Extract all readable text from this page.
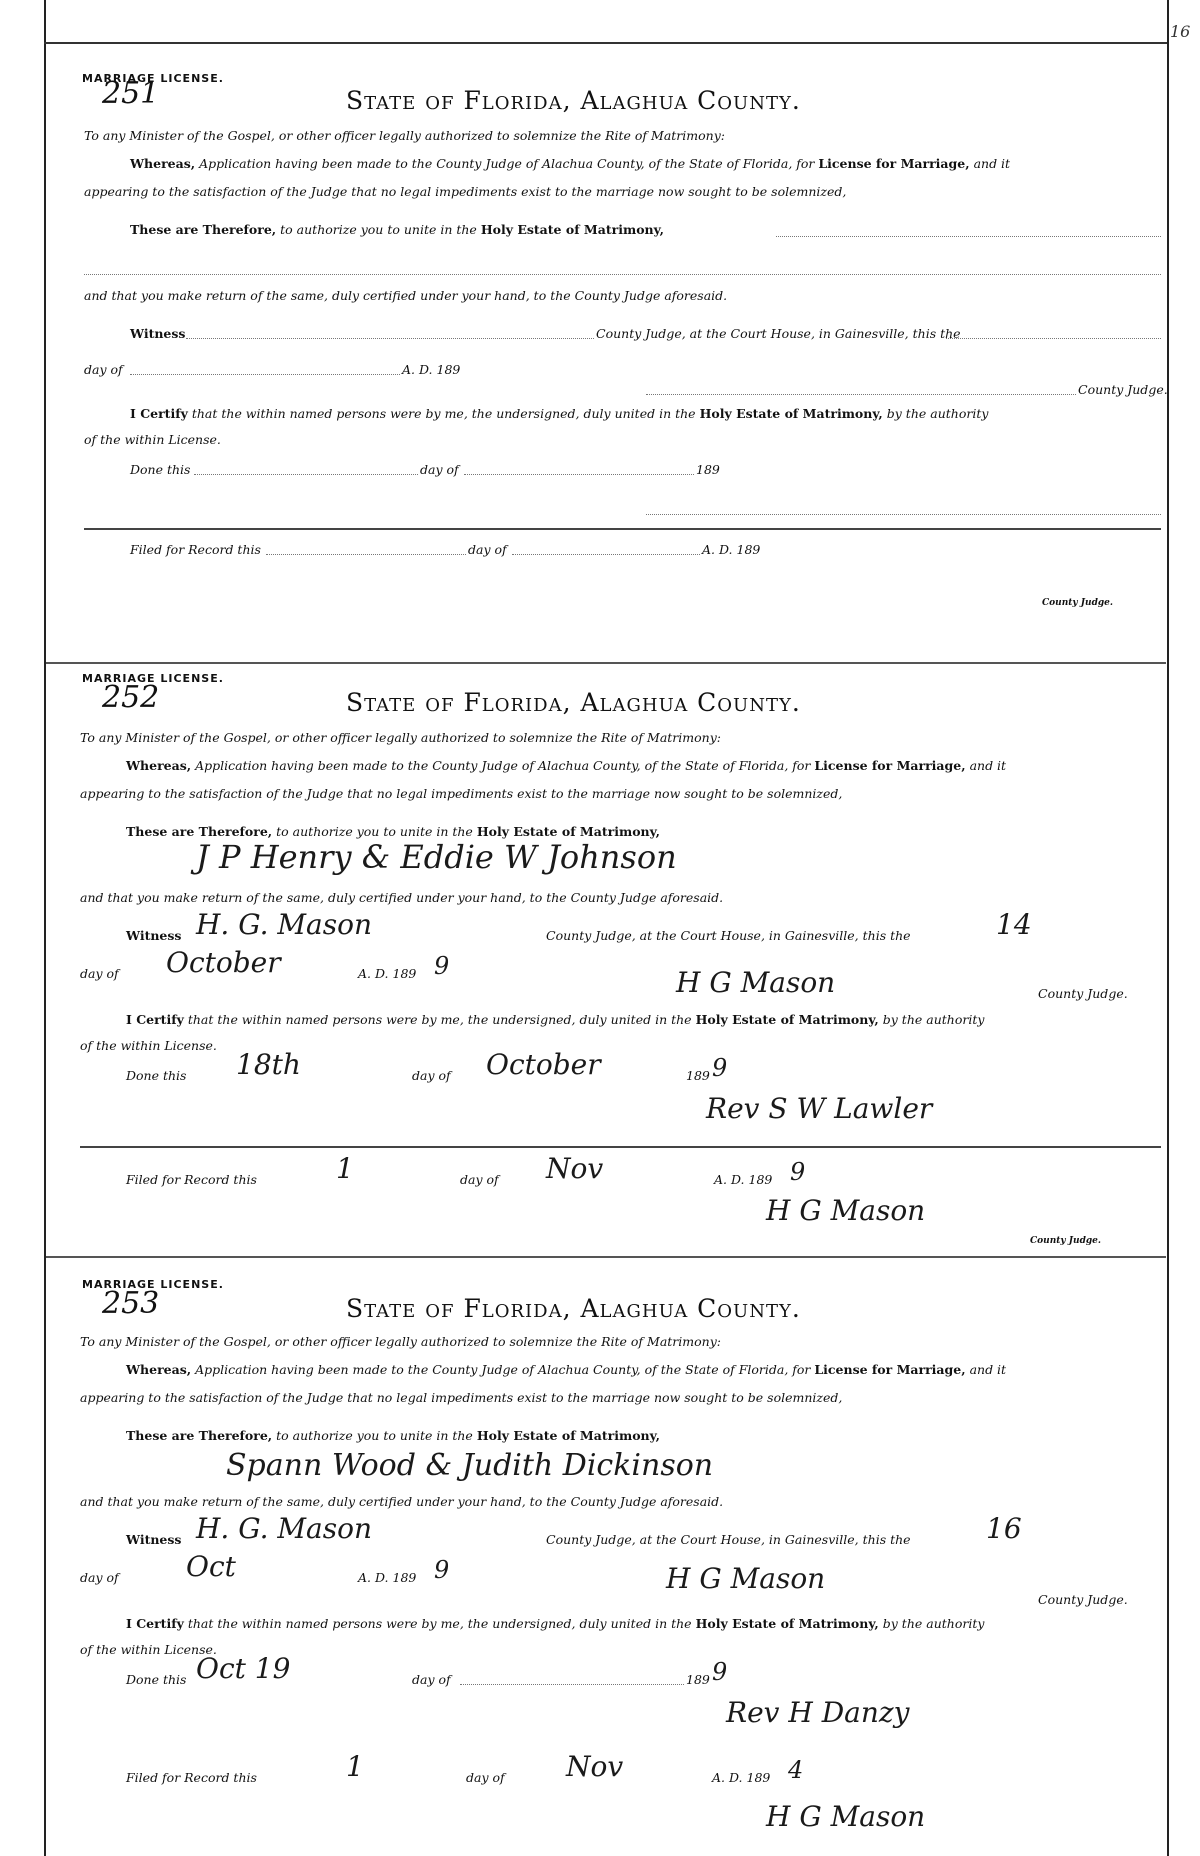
16
MARRIAGE LICENSE.
251	State of Florida, Alaghua County.
To any Minister of the Gospel, or other officer legally authorized to solemnize the Rite of Matrimony:
Whereas, Application having been made to the County Judge of Alachua County, of the State of Florida, for License for Marriage, and it
appearing to the satisfaction of the Judge that no legal impediments exist to the marriage now sought to be solemnized,
These are Therefore, to authorize you to unite in the Holy Estate of Matrimony,
and that you make return of the same, duly certified under your hand, to the County Judge aforesaid.
Witness	County Judge, at the Court House, in Gainesville, this the
day of	A. D. 189
County Judge.
I Certify that the within named persons were by me, the undersigned, duly united in the Holy Estate of Matrimony, by the authority
of the within License.
Done this	day of	189
Filed for Record this	day of	A. D. 189
County Judge.
MARRIAGE LICENSE.
252	State of Florida, Alaghua County.
To any Minister of the Gospel, or other officer legally authorized to solemnize the Rite of Matrimony:
Whereas, Application having been made to the County Judge of Alachua County, of the State of Florida, for License for Marriage, and it
appearing to the satisfaction of the Judge that no legal impediments exist to the marriage now sought to be solemnized,
These are Therefore, to authorize you to unite in the Holy Estate of Matrimony,
J P Henry & Eddie W Johnson
and that you make return of the same, duly certified under your hand, to the County Judge aforesaid.
Witness H. G. Mason	County Judge, at the Court House, in Gainesville, this the	14
day of October	A. D. 189 9	H G Mason	County Judge.
I Certify that the within named persons were by me, the undersigned, duly united in the Holy Estate of Matrimony, by the authority
of the within License.
Done this 18th	day of October	189 9
Rev S W Lawler
Filed for Record this	1	day of Nov	A. D. 189 9
H G Mason
County Judge.
MARRIAGE LICENSE.
253	State of Florida, Alaghua County.
To any Minister of the Gospel, or other officer legally authorized to solemnize the Rite of Matrimony:
Whereas, Application having been made to the County Judge of Alachua County, of the State of Florida, for License for Marriage, and it
appearing to the satisfaction of the Judge that no legal impediments exist to the marriage now sought to be solemnized,
These are Therefore, to authorize you to unite in the Holy Estate of Matrimony,
Spann Wood & Judith Dickinson
and that you make return of the same, duly certified under your hand, to the County Judge aforesaid.
Witness H. G. Mason	County Judge, at the Court House, in Gainesville, this the	16
day of Oct	A. D. 189 9	H G Mason
County Judge.
I Certify that the within named persons were by me, the undersigned, duly united in the Holy Estate of Matrimony, by the authority
of the within License.
Done this Oct 19	day of	189 9
Rev H Danzy
Filed for Record this	1	day of Nov	A. D. 189 4
H G Mason
